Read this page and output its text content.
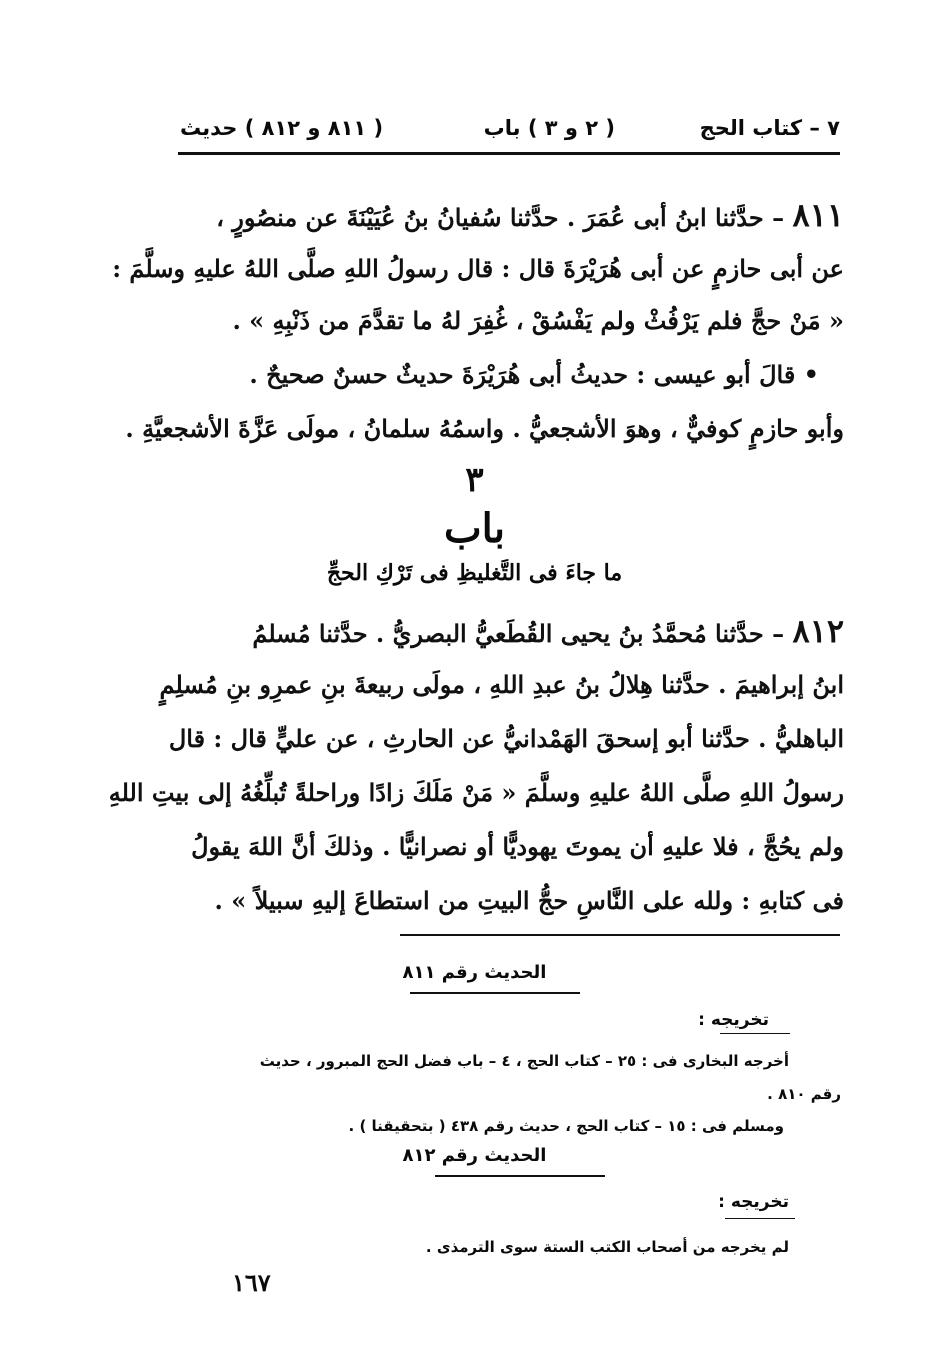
٧ – كتاب الحج
( ٢ و ٣ ) باب
( ٨١١ و ٨١٢ ) حديث
٨١١ – حدَّثنا ابنُ أبى عُمَرَ . حدَّثنا سُفيانُ بنُ عُيَيْنَةَ عن منصُورٍ ،
عن أبى حازمٍ عن أبى هُرَيْرَةَ قال : قال رسولُ اللهِ صلَّى اللهُ عليهِ وسلَّمَ :
« مَنْ حجَّ فلم يَرْفُثْ ولم يَفْسُقْ ، غُفِرَ لهُ ما تقدَّمَ من ذَنْبِهِ » .
• قالَ أبو عيسى : حديثُ أبى هُرَيْرَةَ حديثٌ حسنٌ صحيحٌ .
وأبو حازمٍ كوفيٌّ ، وهوَ الأشجعيُّ . واسمُهُ سلمانُ ، مولَى عَزَّةَ الأشجعيَّةِ .
٣
باب
ما جاءَ فى التَّغليظِ فى تَرْكِ الحجِّ
٨١٢ – حدَّثنا مُحمَّدُ بنُ يحيى القُطَعيُّ البصريُّ . حدَّثنا مُسلمُ
ابنُ إبراهيمَ . حدَّثنا هِلالُ بنُ عبدِ اللهِ ، مولَى ربيعةَ بنِ عمرِو بنِ مُسلِمٍ
الباهليُّ . حدَّثنا أبو إسحقَ الهَمْدانيُّ عن الحارثِ ، عن عليٍّ قال : قال
رسولُ اللهِ صلَّى اللهُ عليهِ وسلَّمَ « مَنْ مَلَكَ زادًا وراحلةً تُبلِّغُهُ إلى بيتِ اللهِ
ولم يحُجَّ ، فلا عليهِ أن يموتَ يهوديًّا أو نصرانيًّا . وذلكَ أنَّ اللهَ يقولُ
فى كتابهِ : ولله على النَّاسِ حجُّ البيتِ من استطاعَ إليهِ سبيلاً » .
الحديث رقم ٨١١
تخريجه :
أخرجه البخارى فى : ٢٥ – كتاب الحج ، ٤ – باب فضل الحج المبرور ، حديث
رقم ٨١٠ .
ومسلم فى : ١٥ – كتاب الحج ، حديث رقم ٤٣٨ ( بتحقيقنا ) .
الحديث رقم ٨١٢
تخريجه :
لم يخرجه من أصحاب الكتب الستة سوى الترمذى .
١٦٧
